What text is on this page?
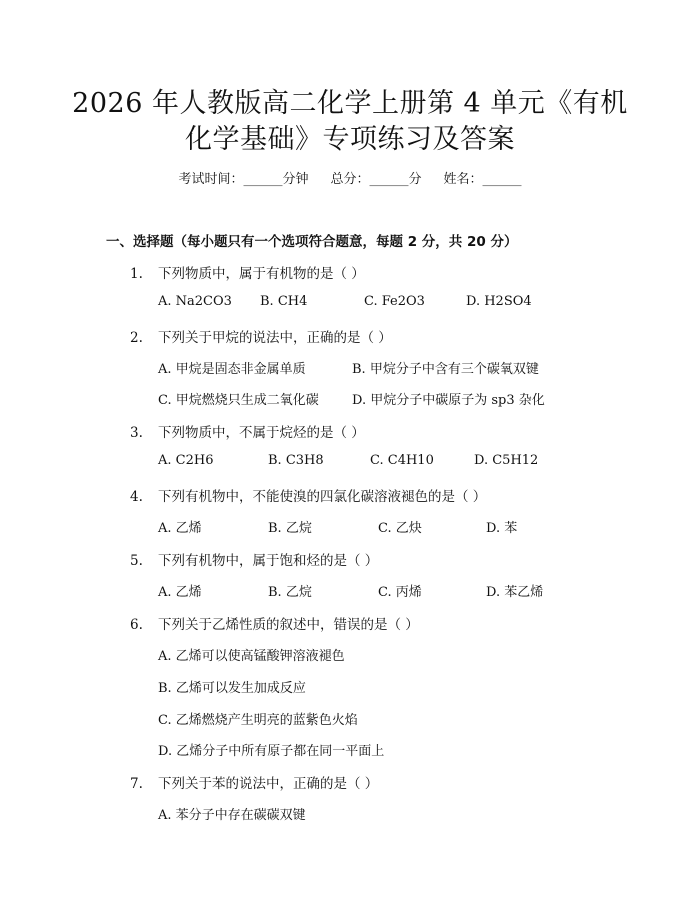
2026 年人教版高二化学上册第 4 单元《有机
化学基础》专项练习及答案
考试时间：______分钟 总分：______分 姓名：______
一、选择题（每小题只有一个选项符合题意，每题 2 分，共 20 分）
1. 下列物质中，属于有机物的是（ ）
A. Na2CO3 B. CH4	C. Fe2O3	D. H2SO4
2. 下列关于甲烷的说法中，正确的是（ ）
A. 甲烷是固态非金属单质	B. 甲烷分子中含有三个碳氧双键
C. 甲烷燃烧只生成二氧化碳	D. 甲烷分子中碳原子为 sp3 杂化
3. 下列物质中，不属于烷烃的是（ ）
A. C2H6	B. C3H8	C. C4H10	D. C5H12
4. 下列有机物中，不能使溴的四氯化碳溶液褪色的是（ ）
A. 乙烯	B. 乙烷	C. 乙炔	D. 苯
5. 下列有机物中，属于饱和烃的是（ ）
A. 乙烯	B. 乙烷	C. 丙烯	D. 苯乙烯
6. 下列关于乙烯性质的叙述中，错误的是（ ）
A. 乙烯可以使高锰酸钾溶液褪色
B. 乙烯可以发生加成反应
C. 乙烯燃烧产生明亮的蓝紫色火焰
D. 乙烯分子中所有原子都在同一平面上
7. 下列关于苯的说法中，正确的是（ ）
A. 苯分子中存在碳碳双键
